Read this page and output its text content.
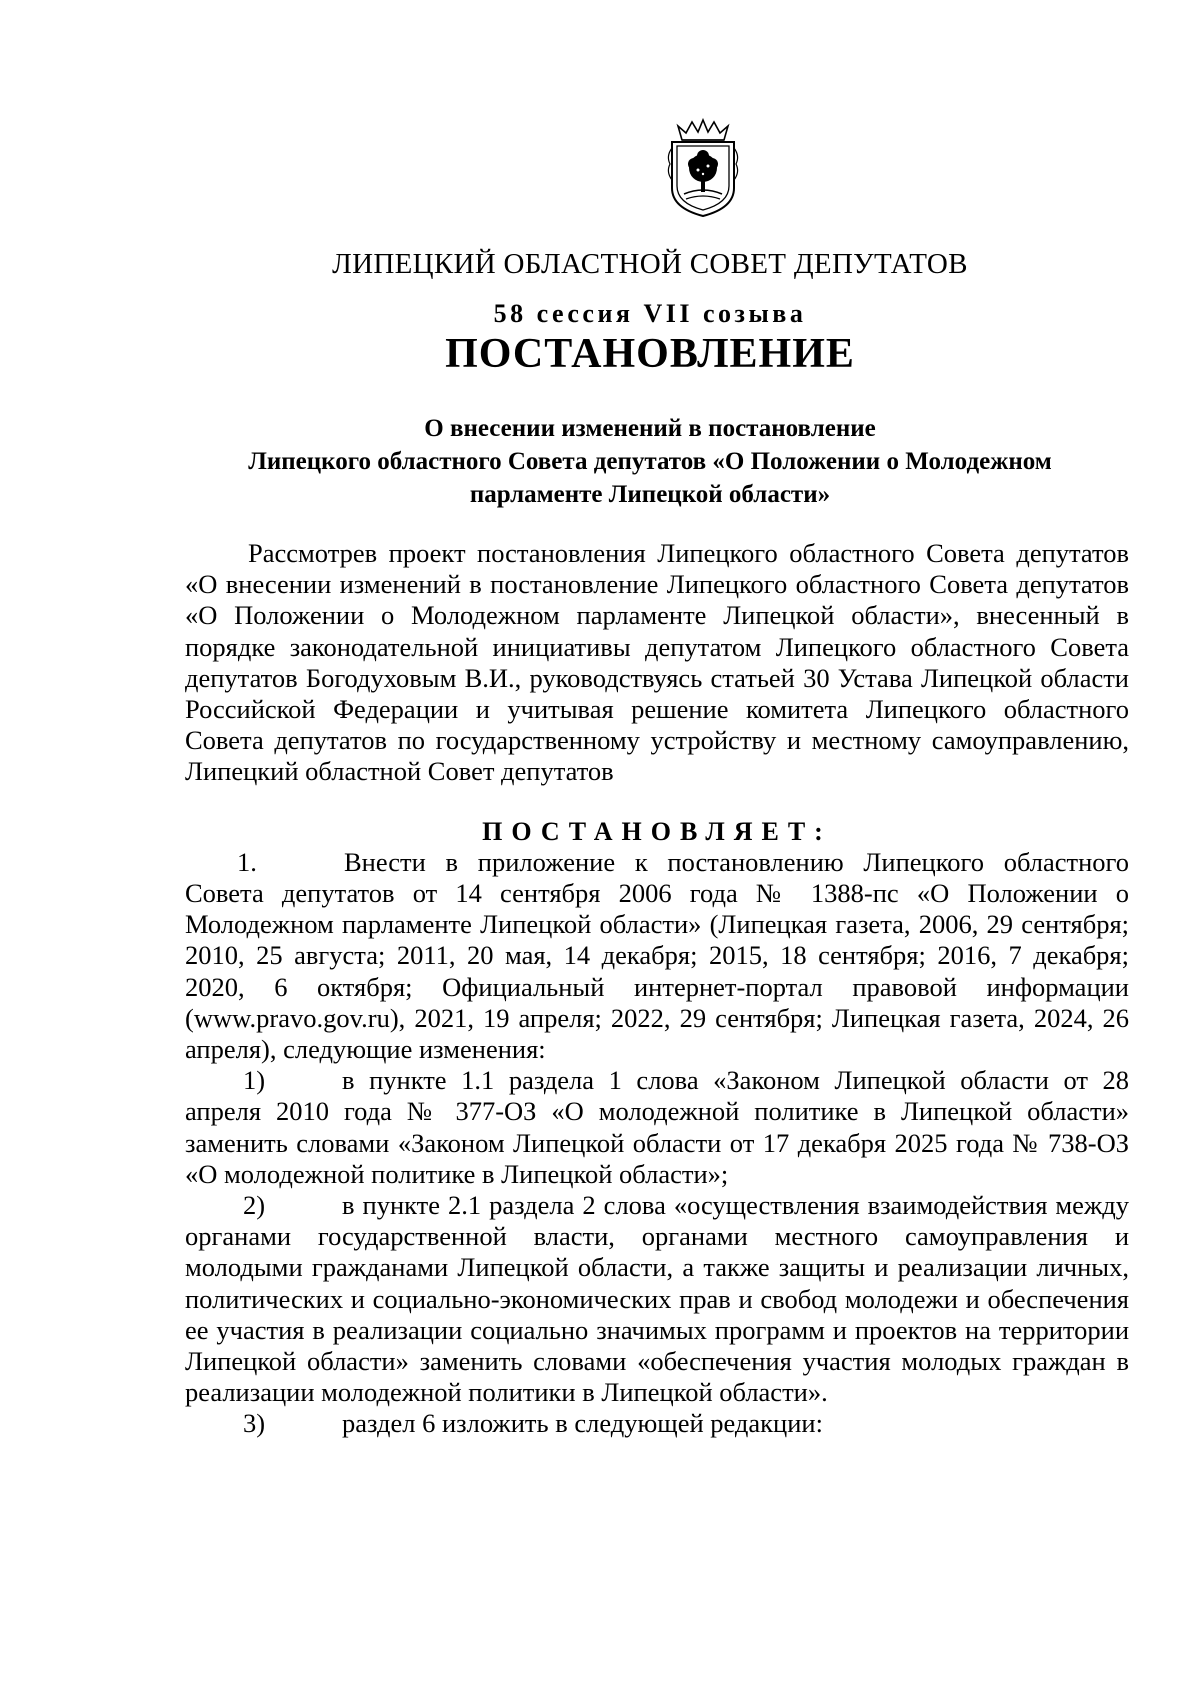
ЛИПЕЦКИЙ ОБЛАСТНОЙ СОВЕТ ДЕПУТАТОВ
58 сессия VII созыва
ПОСТАНОВЛЕНИЕ
О внесении изменений в постановление
Липецкого областного Совета депутатов «О Положении о Молодежном
парламенте Липецкой области»

Рассмотрев проект постановления Липецкого областного Совета депутатов «О внесении изменений в постановление Липецкого областного Совета депутатов «О Положении о Молодежном парламенте Липецкой области», внесенный в порядке законодательной инициативы депутатом Липецкого областного Совета депутатов Богодуховым В.И., руководствуясь статьей 30 Устава Липецкой области Российской Федерации и учитывая решение комитета Липецкого областного Совета депутатов по государственному устройству и местному самоуправлению, Липецкий областной Совет депутатов

ПОСТАНОВЛЯЕТ:

1.	Внести в приложение к постановлению Липецкого областного Совета депутатов от 14 сентября 2006 года № 1388-пс «О Положении о Молодежном парламенте Липецкой области» (Липецкая газета, 2006, 29 сентября; 2010, 25 августа; 2011, 20 мая, 14 декабря; 2015, 18 сентября; 2016, 7 декабря; 2020, 6 октября; Официальный интернет-портал правовой информации (www.pravo.gov.ru), 2021, 19 апреля; 2022, 29 сентября; Липецкая газета, 2024, 26 апреля), следующие изменения:

1)	в пункте 1.1 раздела 1 слова «Законом Липецкой области от 28 апреля 2010 года № 377-ОЗ «О молодежной политике в Липецкой области» заменить словами «Законом Липецкой области от 17 декабря 2025 года № 738-ОЗ «О молодежной политике в Липецкой области»;

2)	в пункте 2.1 раздела 2 слова «осуществления взаимодействия между органами государственной власти, органами местного самоуправления и молодыми гражданами Липецкой области, а также защиты и реализации личных, политических и социально-экономических прав и свобод молодежи и обеспечения ее участия в реализации социально значимых программ и проектов на территории Липецкой области» заменить словами «обеспечения участия молодых граждан в реализации молодежной политики в Липецкой области».

3)	раздел 6 изложить в следующей редакции:
